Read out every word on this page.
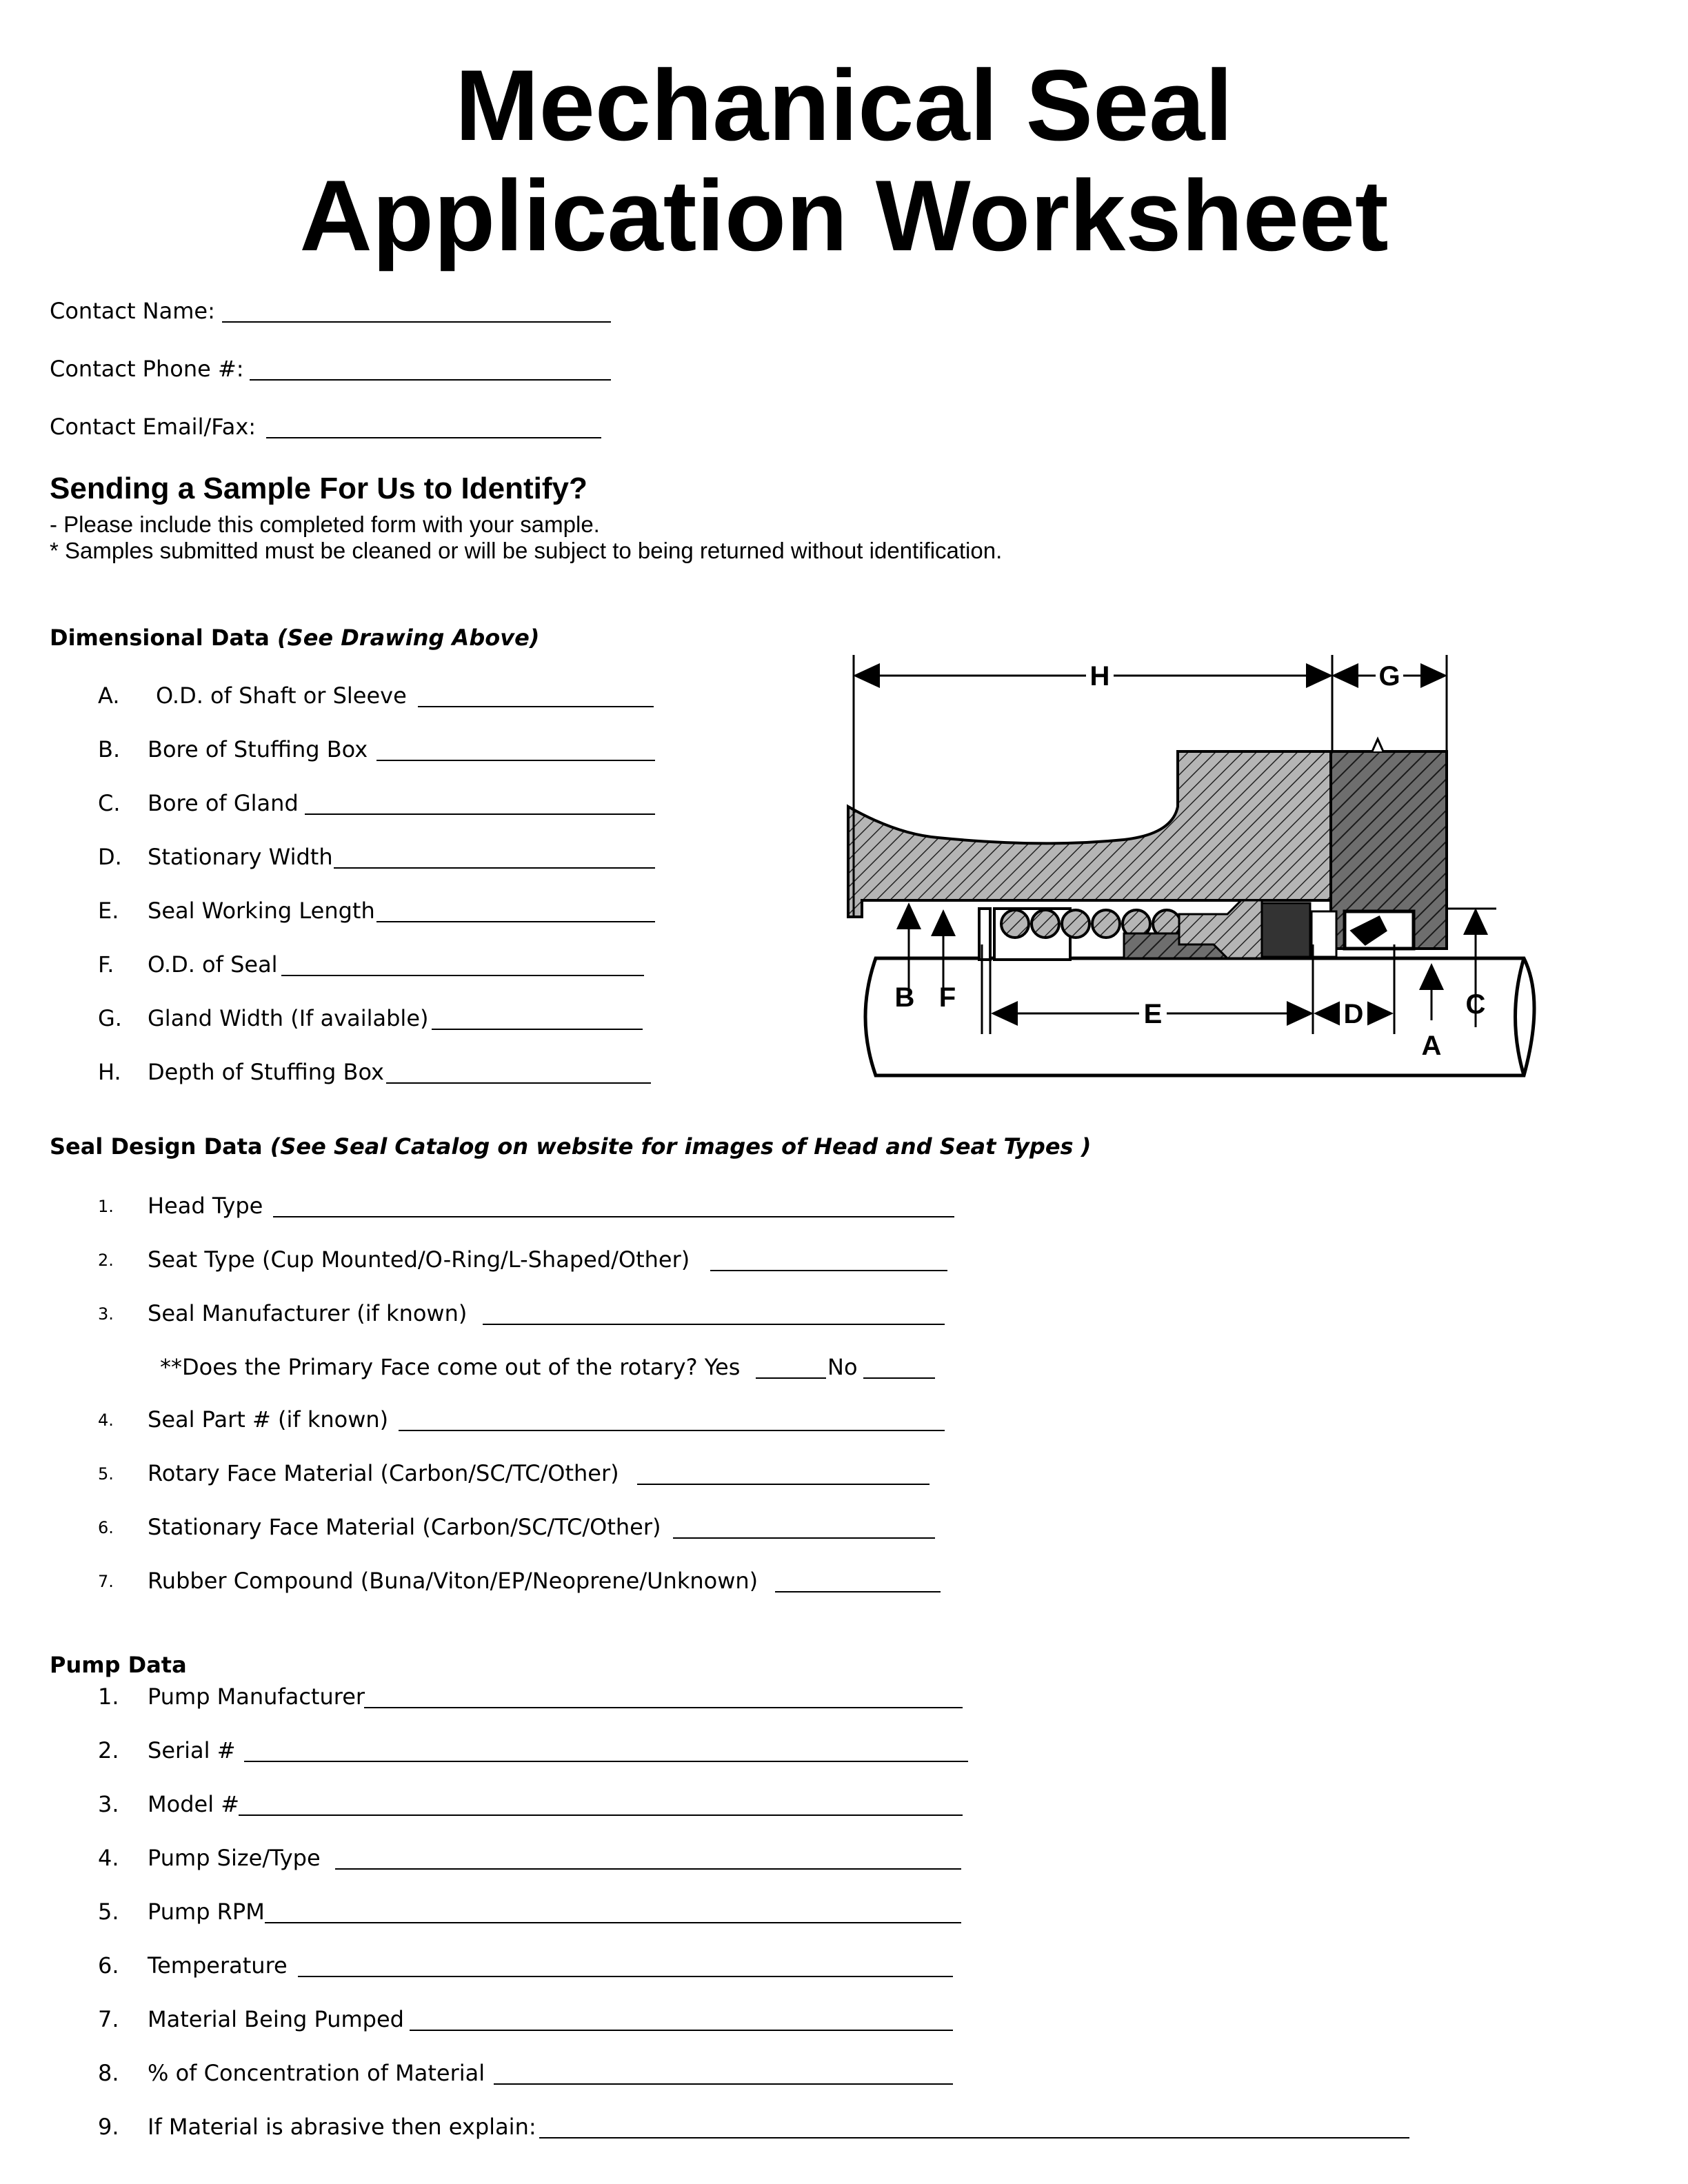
Mechanical Seal
Application Worksheet
Contact Name:
Contact Phone #:
Contact Email/Fax:
Sending a Sample For Us to Identify?
- Please include this completed form with your sample.
* Samples submitted must be cleaned or will be subject to being returned without identification.
Dimensional Data (See Drawing Above)
A. O.D. of Shaft or Sleeve
B. Bore of Stuffing Box
C. Bore of Gland
D. Stationary Width
E. Seal Working Length
F. O.D. of Seal
G. Gland Width (If available)
H. Depth of Stuffing Box
H	G
B F
E	D
A
C
Seal Design Data (See Seal Catalog on website for images of Head and Seat Types )
1. Head Type
2. Seat Type (Cup Mounted/O-Ring/L-Shaped/Other)
3. Seal Manufacturer (if known)
**Does the Primary Face come out of the rotary? Yes	No
4. Seal Part # (if known)
5. Rotary Face Material (Carbon/SC/TC/Other)
6. Stationary Face Material (Carbon/SC/TC/Other)
7. Rubber Compound (Buna/Viton/EP/Neoprene/Unknown)
Pump Data
1. Pump Manufacturer
2. Serial #
3. Model #
4. Pump Size/Type
5. Pump RPM
6. Temperature
7. Material Being Pumped
8. % of Concentration of Material
9. If Material is abrasive then explain:
